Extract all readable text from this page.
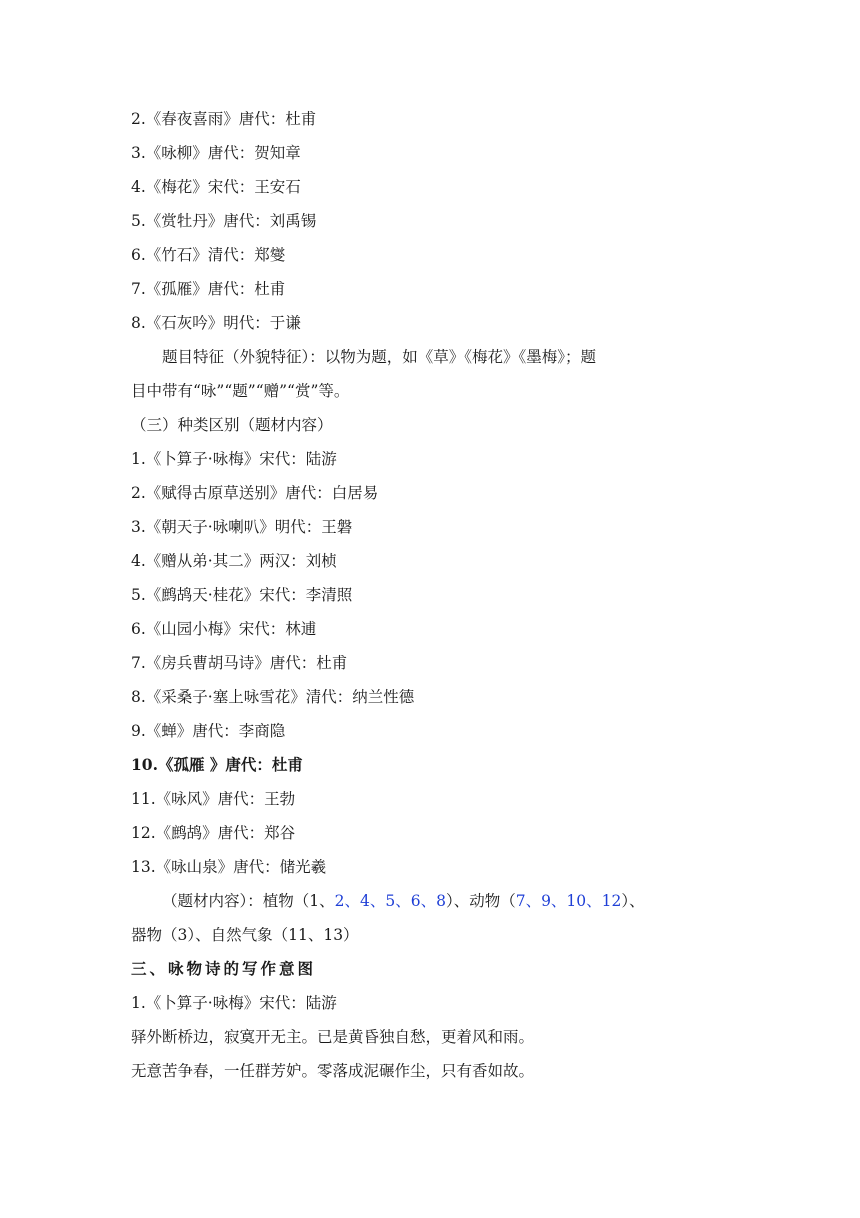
2.《春夜喜雨》唐代：杜甫
3.《咏柳》唐代：贺知章
4.《梅花》宋代：王安石
5.《赏牡丹》唐代：刘禹锡
6.《竹石》清代：郑燮
7.《孤雁》唐代：杜甫
8.《石灰吟》明代：于谦
题目特征（外貌特征）：以物为题，如《草》《梅花》《墨梅》；题
目中带有“咏”“题”“赠”“赏”等。
（三）种类区别（题材内容）
1.《卜算子·咏梅》宋代：陆游
2.《赋得古原草送别》唐代：白居易
3.《朝天子·咏喇叭》明代：王磐
4.《赠从弟·其二》两汉：刘桢
5.《鹧鸪天·桂花》宋代：李清照
6.《山园小梅》宋代：林逋
7.《房兵曹胡马诗》唐代：杜甫
8.《采桑子·塞上咏雪花》清代：纳兰性德
9.《蝉》唐代：李商隐
10.《孤雁 》唐代：杜甫
11.《咏风》唐代：王勃
12.《鹧鸪》唐代：郑谷
13.《咏山泉》唐代：储光羲
（题材内容）：植物（1、2、4、5、6、8）、动物（7、9、10、12）、
器物（3）、自然气象（11、13）
三、咏物诗的写作意图
1.《卜算子·咏梅》宋代：陆游
驿外断桥边，寂寞开无主。已是黄昏独自愁，更着风和雨。
无意苦争春，一任群芳妒。零落成泥碾作尘，只有香如故。
